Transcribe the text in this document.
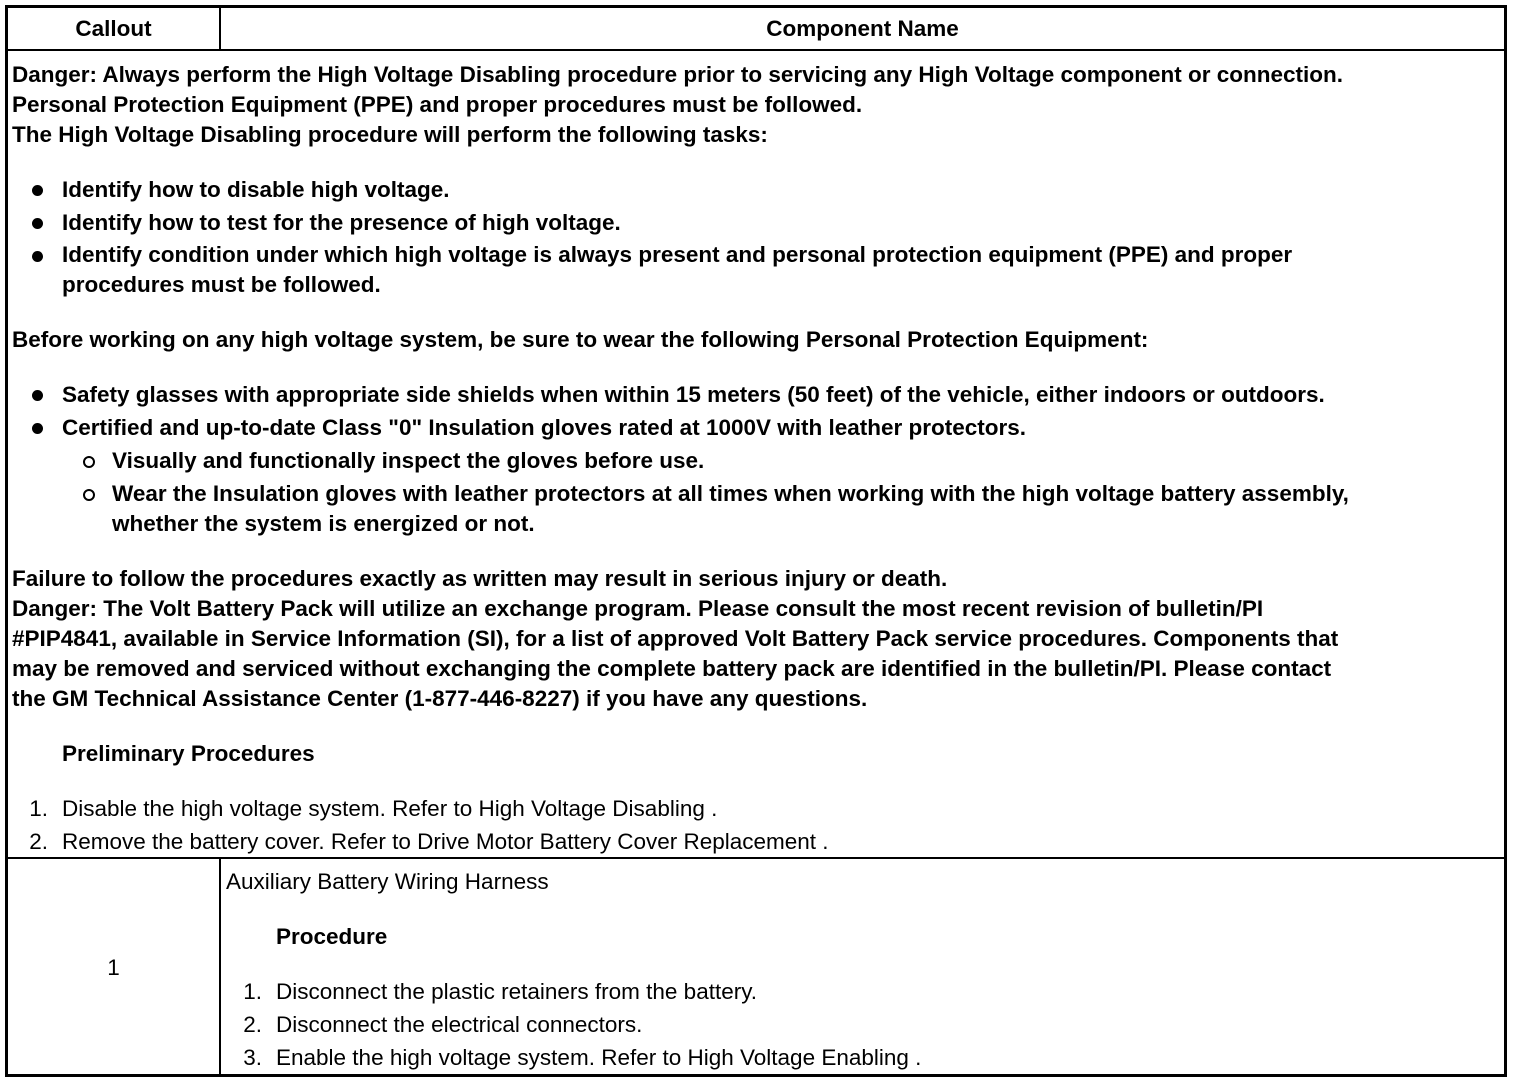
Callout	Component Name
Danger: Always perform the High Voltage Disabling procedure prior to servicing any High Voltage component or connection.
Personal Protection Equipment (PPE) and proper procedures must be followed.
The High Voltage Disabling procedure will perform the following tasks:
Identify how to disable high voltage.
Identify how to test for the presence of high voltage.
Identify condition under which high voltage is always present and personal protection equipment (PPE) and proper
procedures must be followed.
Before working on any high voltage system, be sure to wear the following Personal Protection Equipment:
Safety glasses with appropriate side shields when within 15 meters (50 feet) of the vehicle, either indoors or outdoors.
Certified and up-to-date Class "0" Insulation gloves rated at 1000V with leather protectors.
Visually and functionally inspect the gloves before use.
Wear the Insulation gloves with leather protectors at all times when working with the high voltage battery assembly,
whether the system is energized or not.
Failure to follow the procedures exactly as written may result in serious injury or death.
Danger: The Volt Battery Pack will utilize an exchange program. Please consult the most recent revision of bulletin/PI
#PIP4841, available in Service Information (SI), for a list of approved Volt Battery Pack service procedures. Components that
may be removed and serviced without exchanging the complete battery pack are identified in the bulletin/PI. Please contact
the GM Technical Assistance Center (1-877-446-8227) if you have any questions.
Preliminary Procedures
1. Disable the high voltage system. Refer to High Voltage Disabling .
2. Remove the battery cover. Refer to Drive Motor Battery Cover Replacement .
1
Auxiliary Battery Wiring Harness
Procedure
1. Disconnect the plastic retainers from the battery.
2. Disconnect the electrical connectors.
3. Enable the high voltage system. Refer to High Voltage Enabling .
